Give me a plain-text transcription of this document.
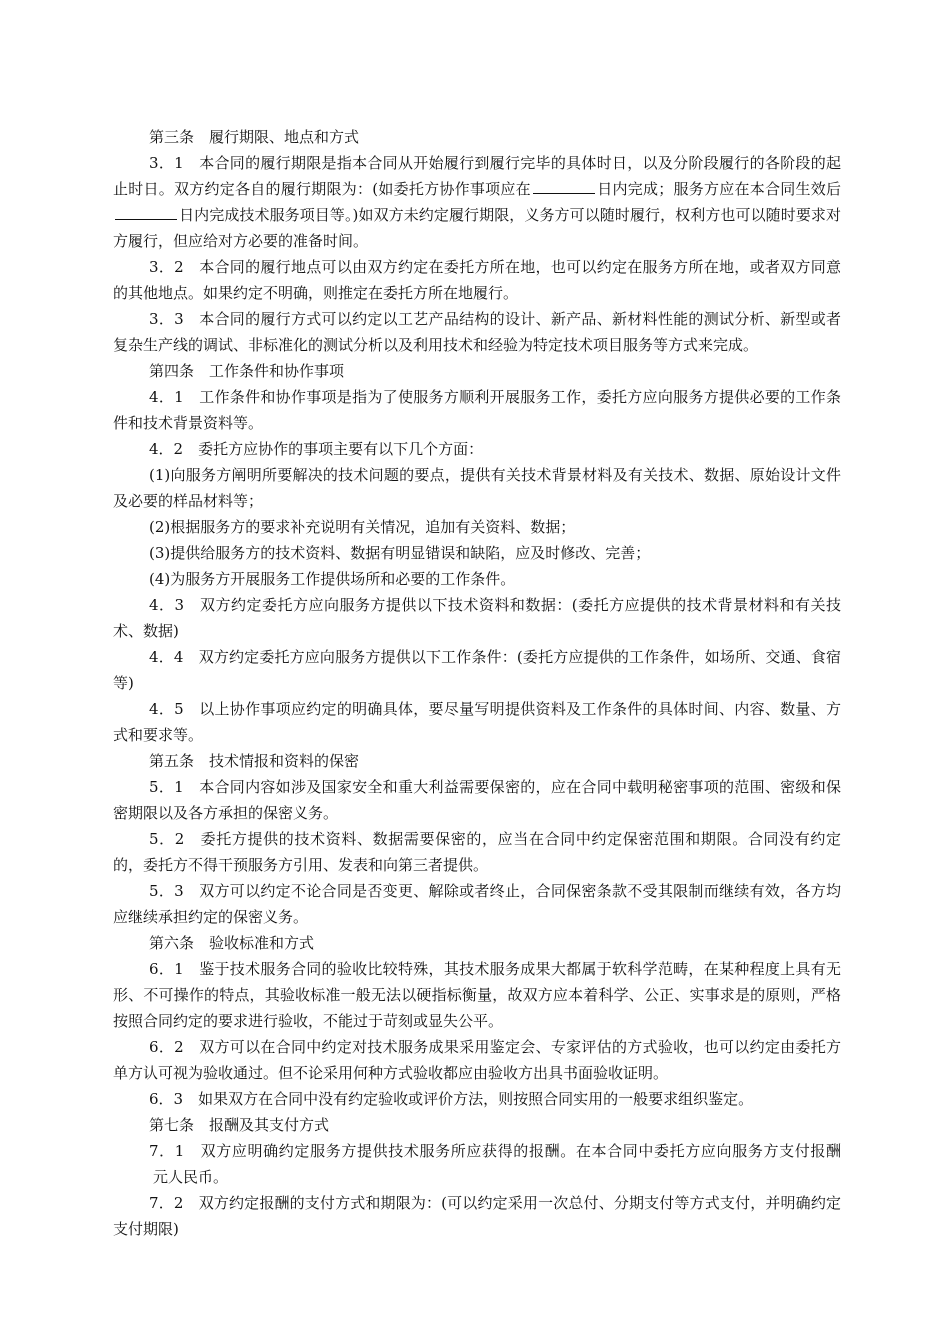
第三条　履行期限、地点和方式

3．1　本合同的履行期限是指本合同从开始履行到履行完毕的具体时日，以及分阶段履行的各阶段的起止时日。双方约定各自的履行期限为：(如委托方协作事项应在	日内完成；服务方应在本合同生效后日内完成技术服务项目等。)如双方未约定履行期限，义务方可以随时履行，权利方也可以随时要求对方履行，但应给对方必要的准备时间。

3．2　本合同的履行地点可以由双方约定在委托方所在地，也可以约定在服务方所在地，或者双方同意的其他地点。如果约定不明确，则推定在委托方所在地履行。

3．3　本合同的履行方式可以约定以工艺产品结构的设计、新产品、新材料性能的测试分析、新型或者复杂生产线的调试、非标准化的测试分析以及利用技术和经验为特定技术项目服务等方式来完成。

第四条　工作条件和协作事项

4．1　工作条件和协作事项是指为了使服务方顺利开展服务工作，委托方应向服务方提供必要的工作条件和技术背景资料等。

4．2　委托方应协作的事项主要有以下几个方面：

(1)向服务方阐明所要解决的技术问题的要点，提供有关技术背景材料及有关技术、数据、原始设计文件及必要的样品材料等；

(2)根据服务方的要求补充说明有关情况，追加有关资料、数据；

(3)提供给服务方的技术资料、数据有明显错误和缺陷，应及时修改、完善；

(4)为服务方开展服务工作提供场所和必要的工作条件。

4．3　双方约定委托方应向服务方提供以下技术资料和数据：(委托方应提供的技术背景材料和有关技术、数据)

4．4　双方约定委托方应向服务方提供以下工作条件：(委托方应提供的工作条件，如场所、交通、食宿等)

4．5　以上协作事项应约定的明确具体，要尽量写明提供资料及工作条件的具体时间、内容、数量、方式和要求等。

第五条　技术情报和资料的保密

5．1　本合同内容如涉及国家安全和重大利益需要保密的，应在合同中载明秘密事项的范围、密级和保密期限以及各方承担的保密义务。

5．2　委托方提供的技术资料、数据需要保密的，应当在合同中约定保密范围和期限。合同没有约定的，委托方不得干预服务方引用、发表和向第三者提供。

5．3　双方可以约定不论合同是否变更、解除或者终止，合同保密条款不受其限制而继续有效，各方均应继续承担约定的保密义务。

第六条　验收标准和方式

6．1　鉴于技术服务合同的验收比较特殊，其技术服务成果大都属于软科学范畴，在某种程度上具有无形、不可操作的特点，其验收标准一般无法以硬指标衡量，故双方应本着科学、公正、实事求是的原则，严格按照合同约定的要求进行验收，不能过于苛刻或显失公平。

6．2　双方可以在合同中约定对技术服务成果采用鉴定会、专家评估的方式验收，也可以约定由委托方单方认可视为验收通过。但不论采用何种方式验收都应由验收方出具书面验收证明。

6．3　如果双方在合同中没有约定验收或评价方法，则按照合同实用的一般要求组织鉴定。

第七条　报酬及其支付方式

7．1　双方应明确约定服务方提供技术服务所应获得的报酬。在本合同中委托方应向服务方支付报酬元人民币。

7．2　双方约定报酬的支付方式和期限为：(可以约定采用一次总付、分期支付等方式支付，并明确约定支付期限)
